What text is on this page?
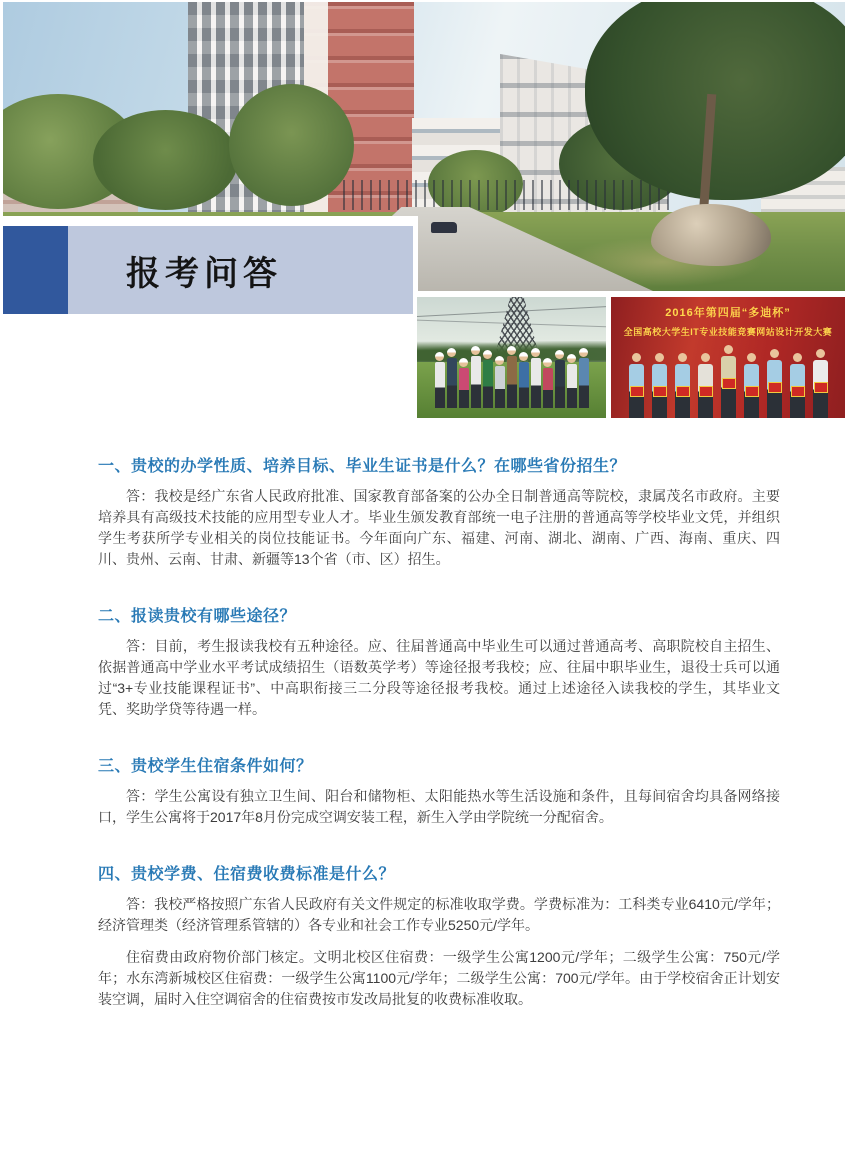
报考问答
2016年第四届“多迪杯”
全国高校大学生IT专业技能竞赛网站设计开发大赛
一、贵校的办学性质、培养目标、毕业生证书是什么？在哪些省份招生？

答：我校是经广东省人民政府批准、国家教育部备案的公办全日制普通高等院校，隶属茂名市政府。主要培养具有高级技术技能的应用型专业人才。毕业生颁发教育部统一电子注册的普通高等学校毕业文凭，并组织学生考获所学专业相关的岗位技能证书。今年面向广东、福建、河南、湖北、湖南、广西、海南、重庆、四川、贵州、云南、甘肃、新疆等13个省（市、区）招生。

二、报读贵校有哪些途径？

答：目前，考生报读我校有五种途径。应、往届普通高中毕业生可以通过普通高考、高职院校自主招生、依据普通高中学业水平考试成绩招生（语数英学考）等途径报考我校；应、往届中职毕业生，退役士兵可以通过“3+专业技能课程证书”、中高职衔接三二分段等途径报考我校。通过上述途径入读我校的学生，其毕业文凭、奖助学贷等待遇一样。

三、贵校学生住宿条件如何？

答：学生公寓设有独立卫生间、阳台和储物柜、太阳能热水等生活设施和条件，且每间宿舍均具备网络接口，学生公寓将于2017年8月份完成空调安装工程，新生入学由学院统一分配宿舍。

四、贵校学费、住宿费收费标准是什么？

答：我校严格按照广东省人民政府有关文件规定的标准收取学费。学费标准为：工科类专业6410元/学年；经济管理类（经济管理系管辖的）各专业和社会工作专业5250元/学年。

住宿费由政府物价部门核定。文明北校区住宿费：一级学生公寓1200元/学年；二级学生公寓：750元/学年；水东湾新城校区住宿费：一级学生公寓1100元/学年；二级学生公寓：700元/学年。由于学校宿舍正计划安装空调，届时入住空调宿舍的住宿费按市发改局批复的收费标准收取。
